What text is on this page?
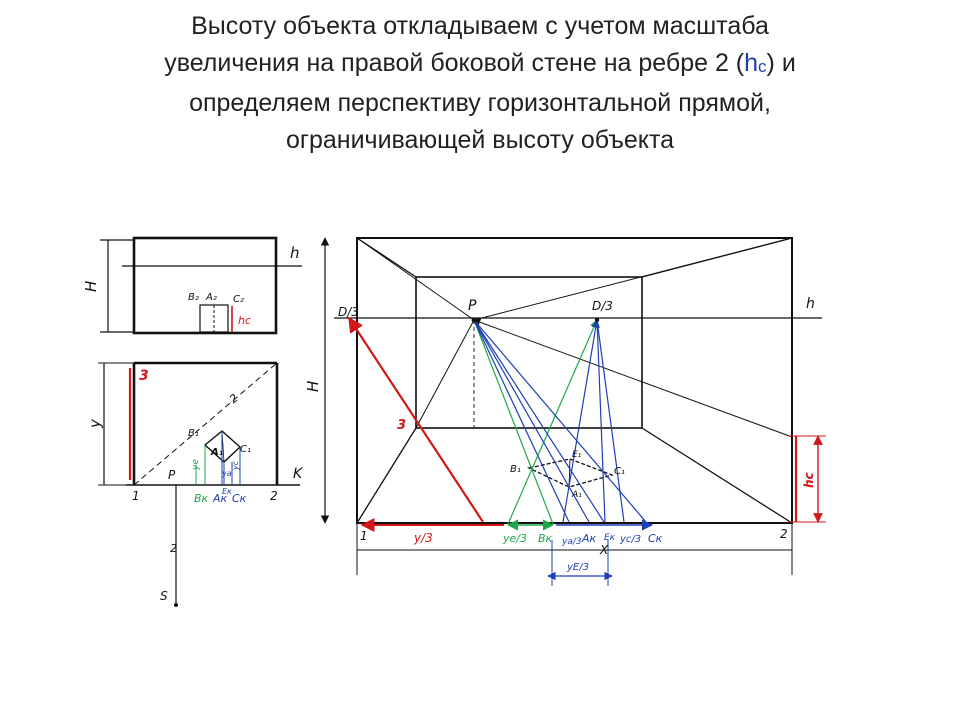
Высоту объекта откладываем с учетом масштаба
увеличения на правой боковой стене на ребре 2 $(h_c)$ и
определяем перспективу горизонтальной прямой,
ограничивающей высоту объекта
H
h
B₂ A₂ C₂
hc
y
3
2
B₁
A₁ C₁
yе
yа
yс
P	K
1	2
Bк Aк
Eк
Cк
2
S
H
P
D/3	D/3	h
3
B₁
E₁
C₁
A₁
hc
1	2
y/3	yе/3 Bк yа/3 Aк Eк yс/3 Cк
X
yE/3
